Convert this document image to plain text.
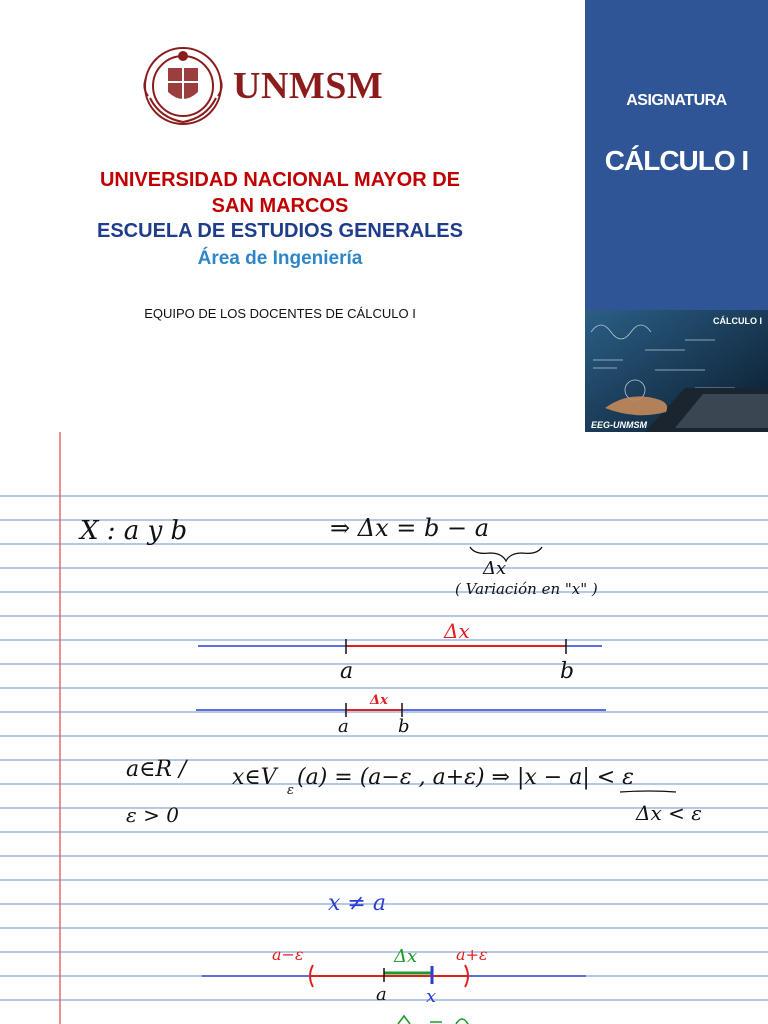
UNMSM
UNIVERSIDAD NACIONAL MAYOR DE
SAN MARCOS
ESCUELA DE ESTUDIOS GENERALES
Área de Ingeniería
EQUIPO DE LOS DOCENTES DE CÁLCULO I
ASIGNATURA
CÁLCULO I
CÁLCULO I
EEG-UNMSM
X : a y b	⇒ Δx = b − a
Δx
( Variación en "x" )
Δx
a	b
Δx
a	b
a∈R /
ε > 0
x∈V
ε
(a) = (a−ε , a+ε) ⇒ |x − a| < ε
Δx < ε
x ≠ a
a−ε	a+ε
Δx
a x
